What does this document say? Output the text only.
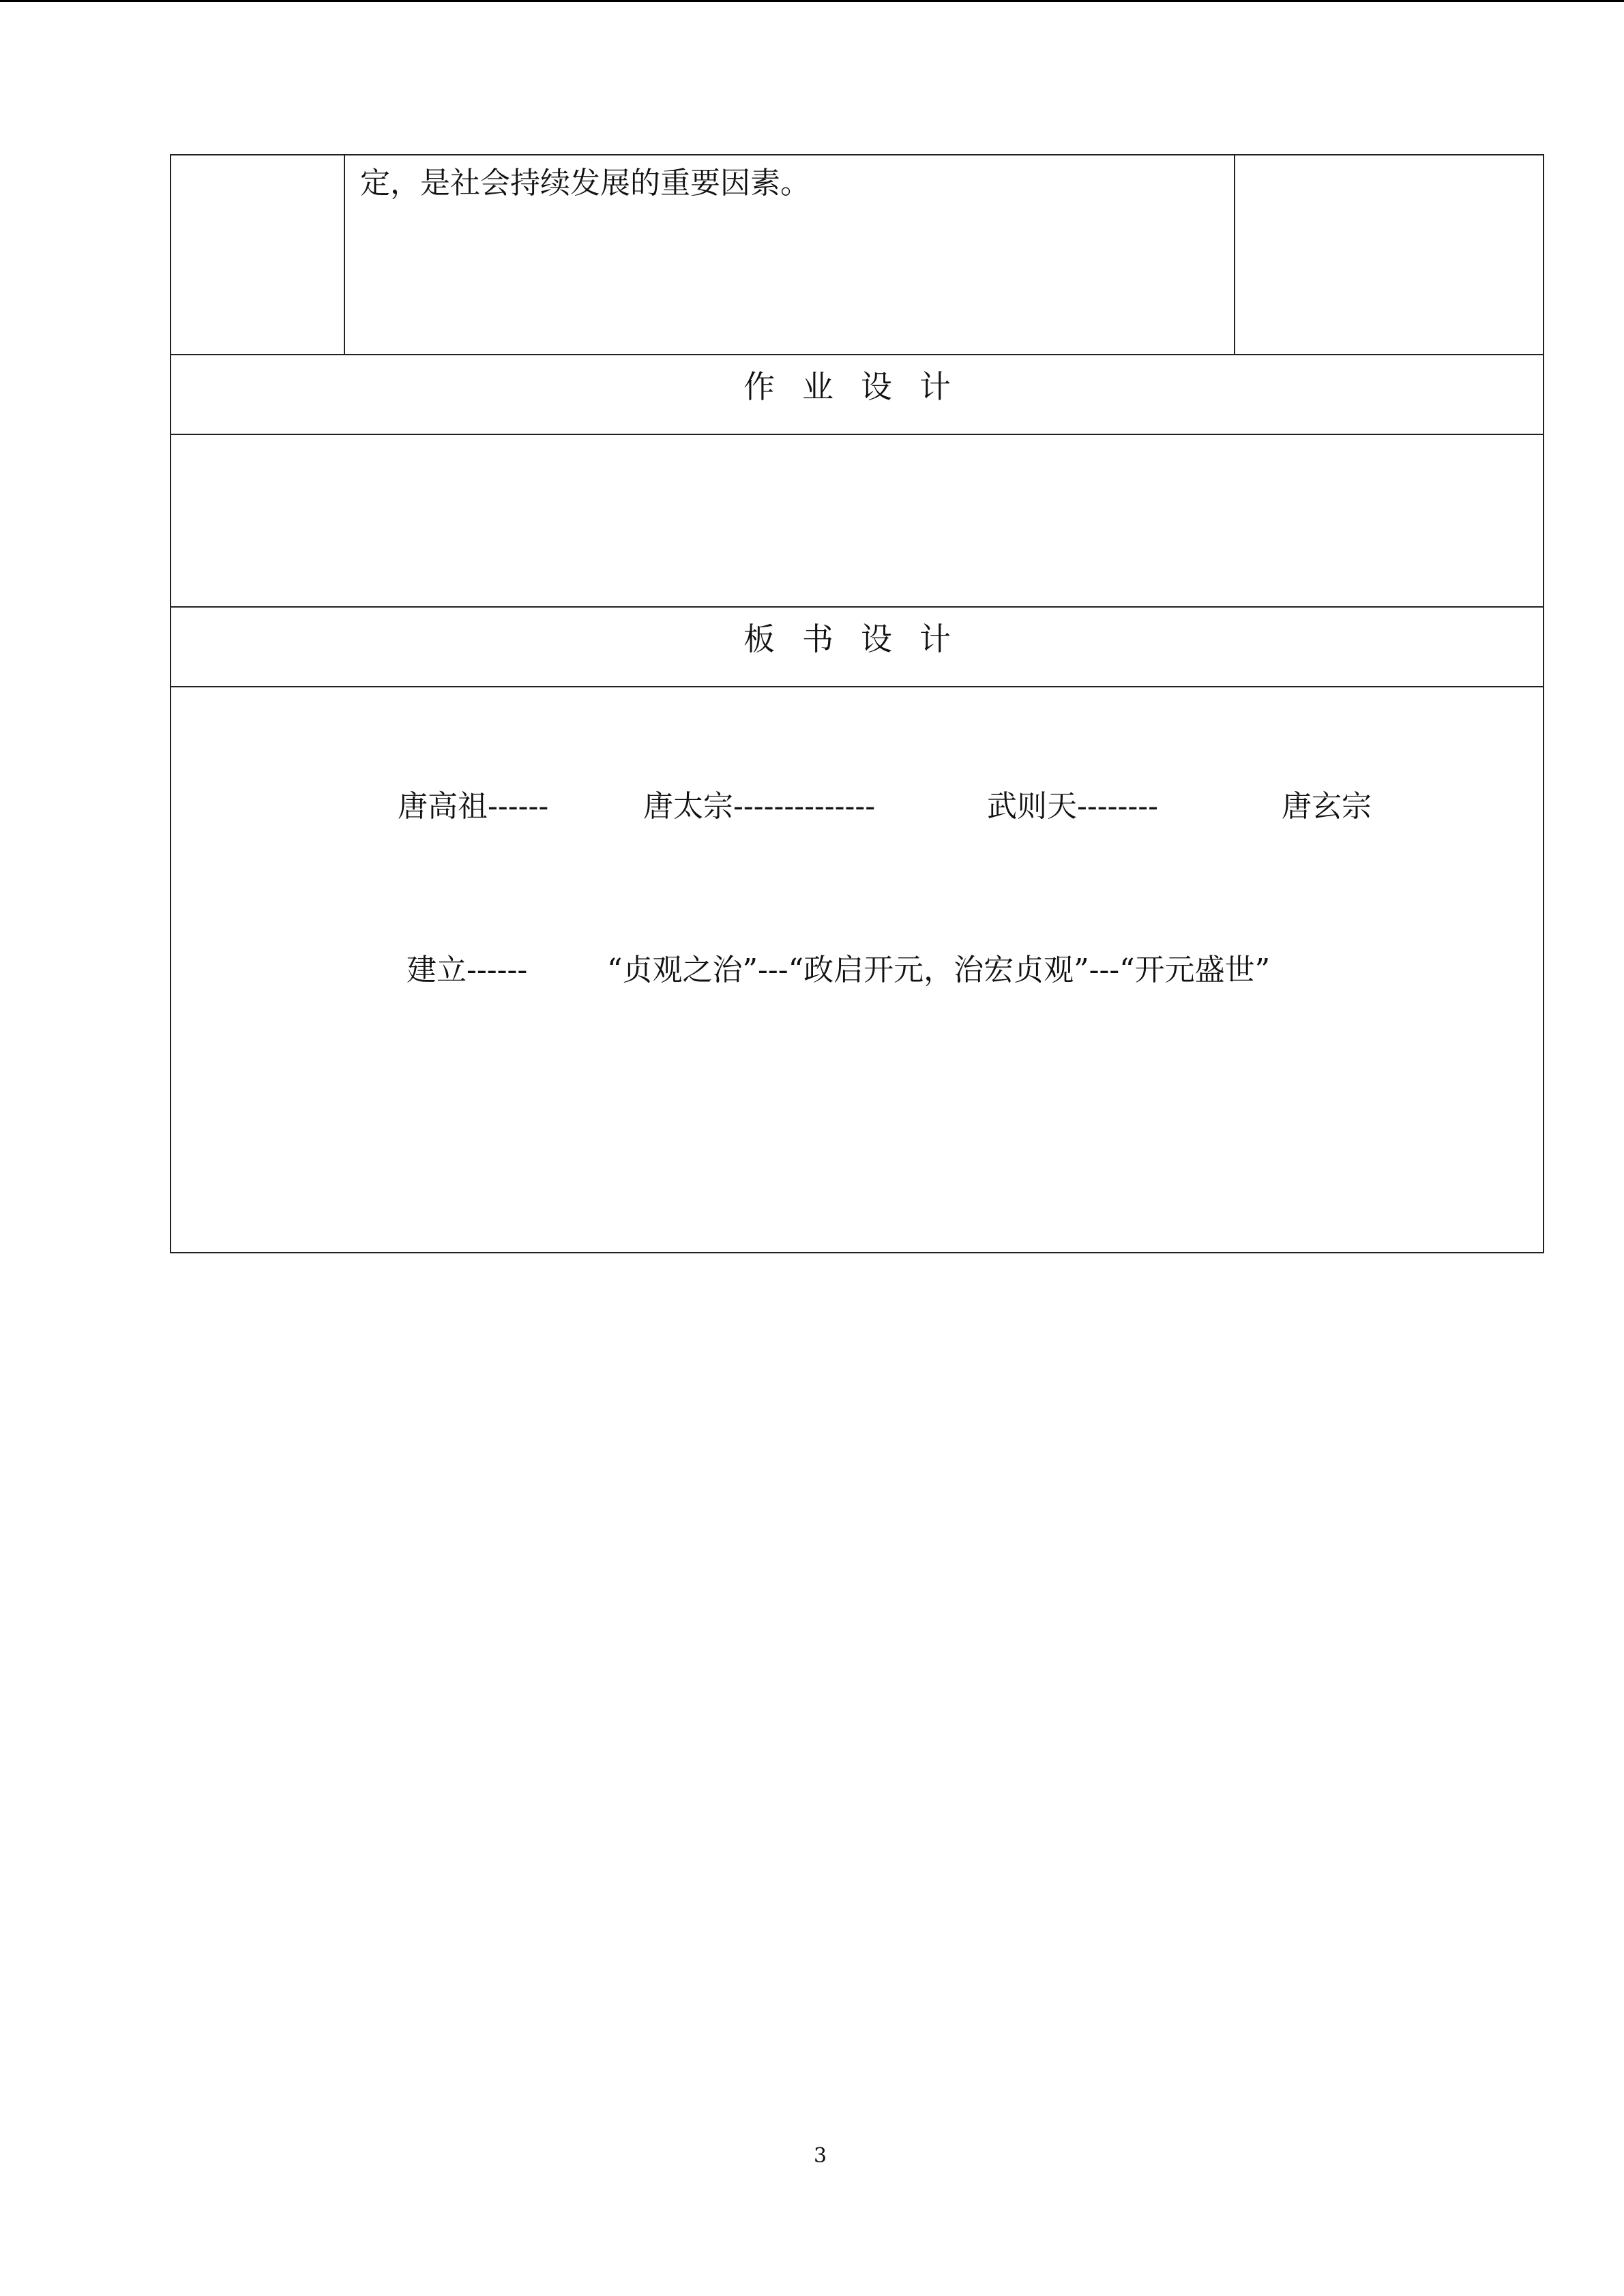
定，是社会持续发展的重要因素。
作业设计
板书设计
唐高祖------	唐太宗--------------	武则天--------	唐玄宗
建立------	“贞观之治”---“政启开元，治宏贞观”---“开元盛世”
3
